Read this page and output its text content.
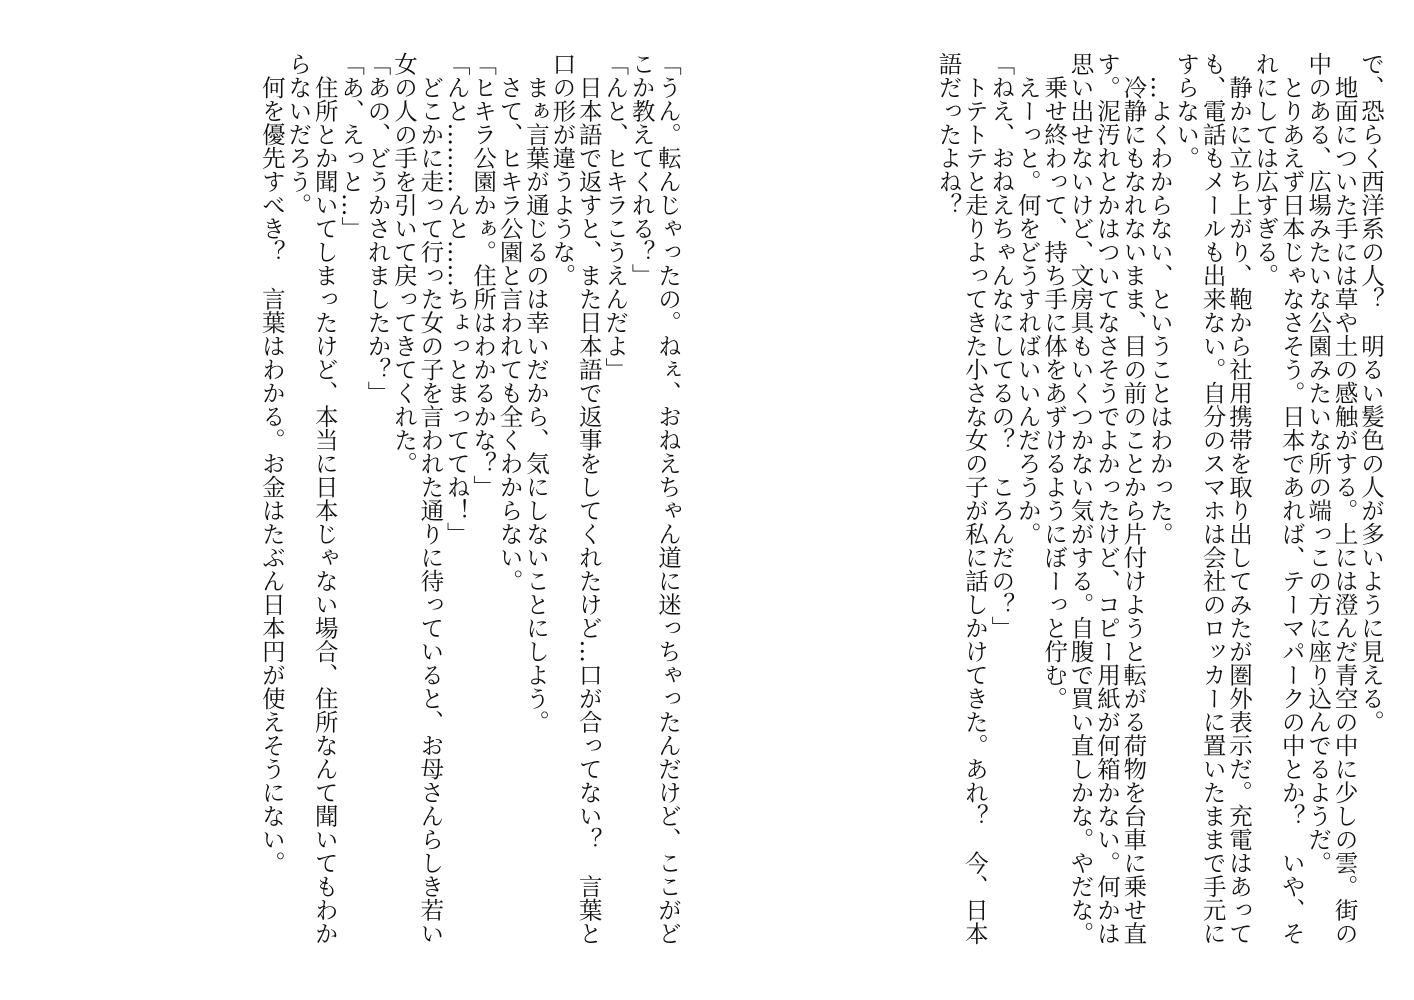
で、恐らく西洋系の人？　明るい髪色の人が多いように見える。
　地面についた手には草や土の感触がする。上には澄んだ青空の中に少しの雲。街の中のある、広場みたいな公園みたいな所の端っこの方に座り込んでるようだ。
　とりあえず日本じゃなさそう。日本であれば、テーマパークの中とか？　いや、それにしては広すぎる。
　静かに立ち上がり、鞄から社用携帯を取り出してみたが圏外表示だ。充電はあっても、電話もメールも出来ない。自分のスマホは会社のロッカーに置いたままで手元にすらない。
　…よくわからない、ということはわかった。
　冷静にもなれないまま、目の前のことから片付けようと転がる荷物を台車に乗せ直す。泥汚れとかはついてなさそうでよかったけど、コピー用紙が何箱かない。何かは思い出せないけど、文房具もいくつかない気がする。自腹で買い直しかな。やだな。
　乗せ終わって、持ち手に体をあずけるようにぼーっと佇む。
　えーっと。何をどうすればいいんだろうか。
「ねえ、おねえちゃんなにしてるの？　ころんだの？」
　トテトテと走りよってきた小さな女の子が私に話しかけてきた。あれ？　今、日本語だったよね？
「うん。転んじゃったの。ねぇ、おねえちゃん道に迷っちゃったんだけど、ここがどこか教えてくれる？」
「んと、ヒキラこうえんだよ」
　日本語で返すと、また日本語で返事をしてくれたけど…口が合ってない？　言葉と口の形が違うような。
　まぁ言葉が通じるのは幸いだから、気にしないことにしよう。
　さて、ヒキラ公園と言われても全くわからない。
「ヒキラ公園かぁ。住所はわかるかな？」
「んと………んと……ちょっとまっててね！」
　どこかに走って行った女の子を言われた通りに待っていると、お母さんらしき若い女の人の手を引いて戻ってきてくれた。
「あの、どうかされましたか？」
「あ、えっと…」
　住所とか聞いてしまったけど、本当に日本じゃない場合、住所なんて聞いてもわからないだろう。
　何を優先すべき？　言葉はわかる。お金はたぶん日本円が使えそうにない。
